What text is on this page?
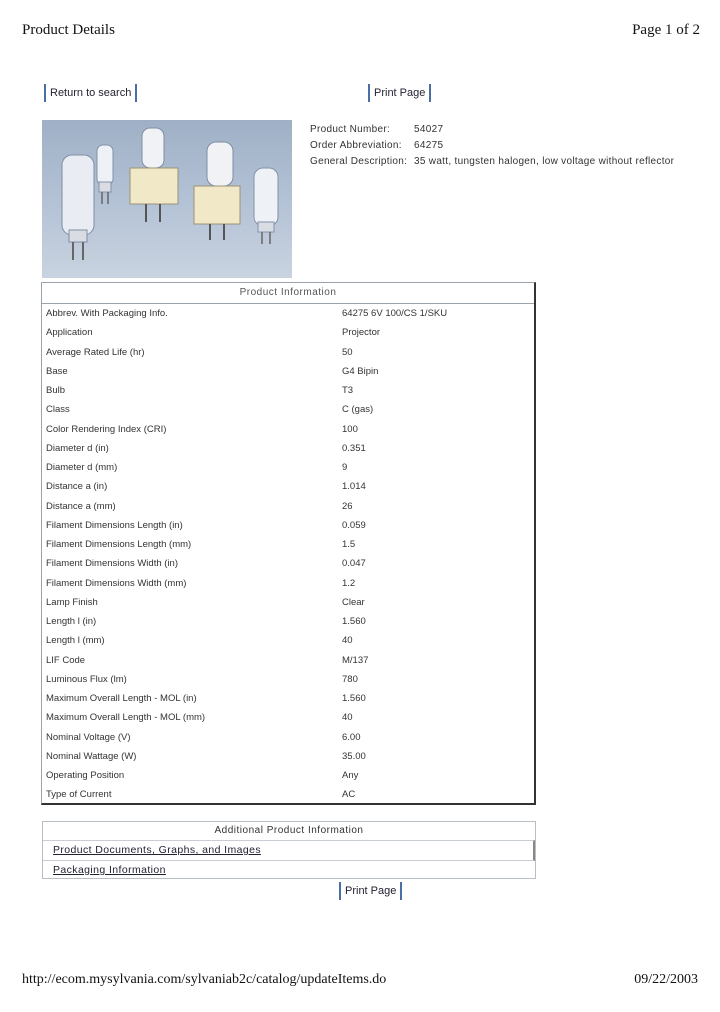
Product Details	Page 1 of 2
Return to search	Print Page
Product Number: 54027
Order Abbreviation: 64275
General Description: 35 watt, tungsten halogen, low voltage without reflector
Product Information
Abbrev. With Packaging Info.	64275 6V 100/CS 1/SKU
Application	Projector
Average Rated Life (hr)	50
Base	G4 Bipin
Bulb	T3
Class	C (gas)
Color Rendering Index (CRI)	100
Diameter d (in)	0.351
Diameter d (mm)	9
Distance a (in)	1.014
Distance a (mm)	26
Filament Dimensions Length (in)	0.059
Filament Dimensions Length (mm)	1.5
Filament Dimensions Width (in)	0.047
Filament Dimensions Width (mm)	1.2
Lamp Finish	Clear
Length l (in)	1.560
Length l (mm)	40
LIF Code	M/137
Luminous Flux (lm)	780
Maximum Overall Length - MOL (in)	1.560
Maximum Overall Length - MOL (mm)	40
Nominal Voltage (V)	6.00
Nominal Wattage (W)	35.00
Operating Position	Any
Type of Current	AC
Additional Product Information
Product Documents, Graphs, and Images
Packaging Information
Print Page
http://ecom.mysylvania.com/sylvaniab2c/catalog/updateItems.do	09/22/2003
